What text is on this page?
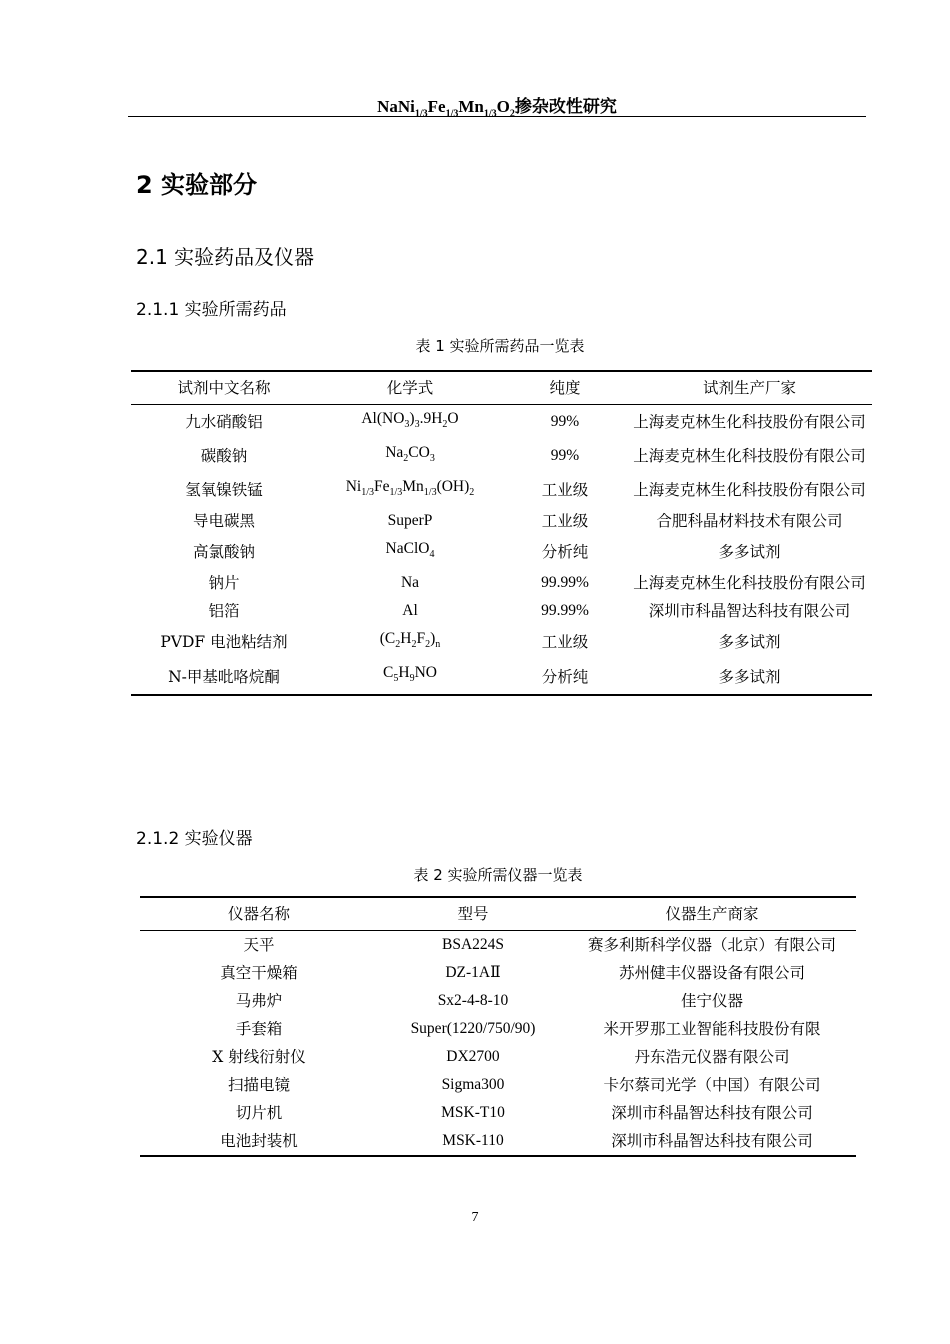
$NaNi_{1/3}Fe_{1/3}Mn_{1/3}O_2$掺杂改性研究
2 实验部分
2.1 实验药品及仪器
2.1.1 实验所需药品
表 1 实验所需药品一览表
试剂中文名称	化学式	纯度	试剂生产厂家
九水硝酸铝	$Al(NO_3)_3.9H_2O$	99%	上海麦克林生化科技股份有限公司
碳酸钠	$Na_2CO_3$	99%	上海麦克林生化科技股份有限公司
氢氧镍铁锰	$Ni_{1/3}Fe_{1/3}Mn_{1/3}(OH)_2$	工业级	上海麦克林生化科技股份有限公司
导电碳黑	SuperP	工业级	合肥科晶材料技术有限公司
高氯酸钠	NaClO$_4$	分析纯	多多试剂
钠片	Na	99.99%	上海麦克林生化科技股份有限公司
铝箔	Al	99.99%	深圳市科晶智达科技有限公司
PVDF 电池粘结剂	$(C_2H_2F_2)_n$	工业级	多多试剂
N-甲基吡咯烷酮	$C_5H_9NO$	分析纯	多多试剂
2.1.2 实验仪器
表 2 实验所需仪器一览表
仪器名称	型号	仪器生产商家
天平	BSA224S	赛多利斯科学仪器（北京）有限公司
真空干燥箱	DZ-1AⅡ	苏州健丰仪器设备有限公司
马弗炉	Sx2-4-8-10	佳宁仪器
手套箱	Super(1220/750/90)	米开罗那工业智能科技股份有限
X 射线衍射仪	DX2700	丹东浩元仪器有限公司
扫描电镜	Sigma300	卡尔蔡司光学（中国）有限公司
切片机	MSK-T10	深圳市科晶智达科技有限公司
电池封装机	MSK-110	深圳市科晶智达科技有限公司
7
